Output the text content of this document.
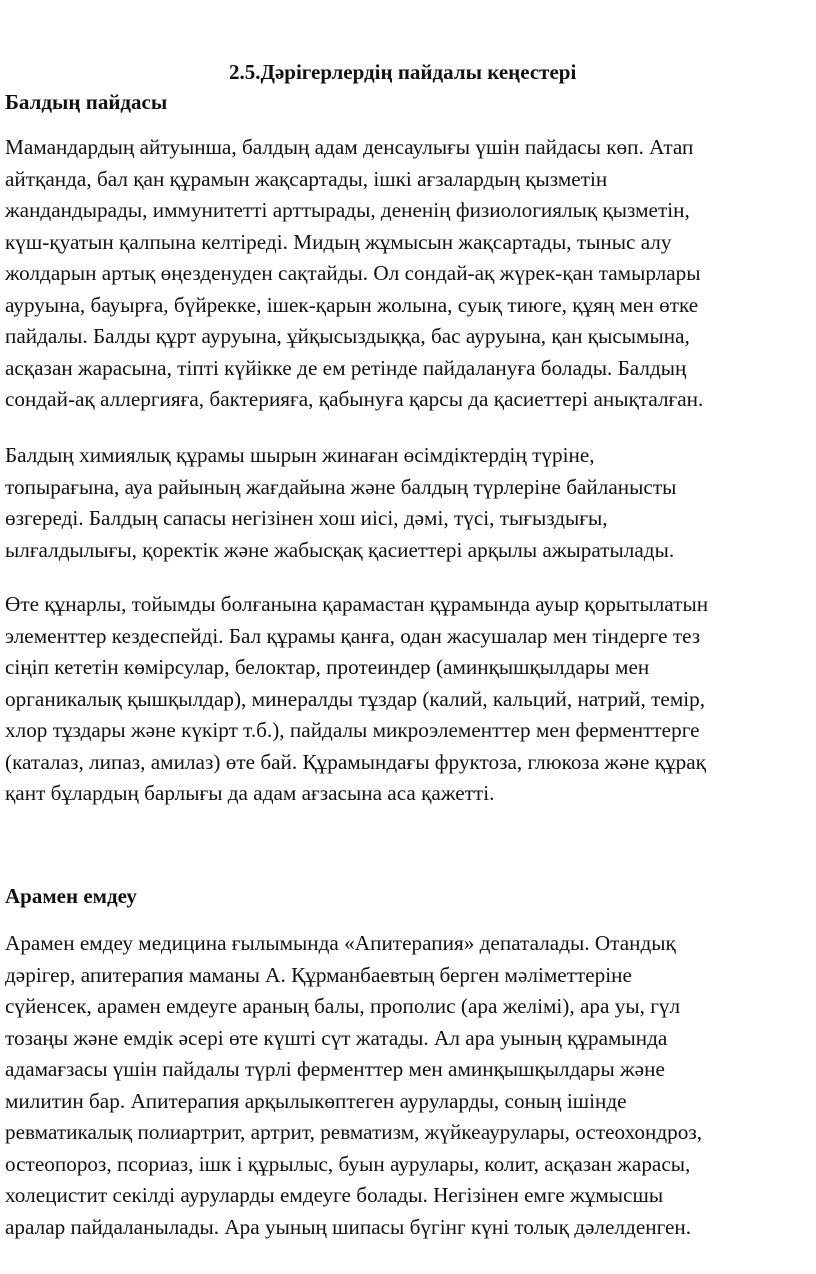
2.5.Дәрігерлердің пайдалы кеңестері
Балдың пайдасы
Мамандардың айтуынша, балдың адам денсаулығы үшін пайдасы көп. Атап
айтқанда, бал қан құрамын жақсартады, ішкі ағзалардың қызметін
жандандырады, иммунитетті арттырады, дененің физиологиялық қызметін,
күш-қуатын қалпына келтіреді. Мидың жұмысын жақсартады, тыныс алу
жолдарын артық өңезденуден сақтайды. Ол сондай-ақ жүрек-қан тамырлары
ауруына, бауырға, бүйрекке, ішек-қарын жолына, суық тиюге, құяң мен өтке
пайдалы. Балды құрт ауруына, ұйқысыздыққа, бас ауруына, қан қысымына,
асқазан жарасына, тіпті күйікке де ем ретінде пайдалануға болады. Балдың
сондай-ақ аллергияға, бактерияға, қабынуға қарсы да қасиеттері анықталған.
Балдың химиялық құрамы шырын жинаған өсімдіктердің түріне,
топырағына, ауа райының жағдайына және балдың түрлеріне байланысты
өзгереді. Балдың сапасы негізінен хош иісі, дәмі, түсі, тығыздығы,
ылғалдылығы, қоректік және жабысқақ қасиеттері арқылы ажыратылады.
Өте құнарлы, тойымды болғанына қарамастан құрамында ауыр қорытылатын
элементтер кездеспейді. Бал құрамы қанға, одан жасушалар мен тіндерге тез
сіңіп кететін көмірсулар, белоктар, протеиндер (аминқышқылдары мен
органикалық қышқылдар), минералды тұздар (калий, кальций, натрий, темір,
хлор тұздары және күкірт т.б.), пайдалы микроэлементтер мен ферменттерге
(каталаз, липаз, амилаз) өте бай. Құрамындағы фруктоза, глюкоза және құрақ
қант бұлардың барлығы да адам ағзасына аса қажетті.
Арамен емдеу
Арамен емдеу медицина ғылымында «Апитерапия» депаталады. Отандық
дәрігер, апитерапия маманы А. Құрманбаевтың берген мәліметтеріне
сүйенсек, арамен емдеуге араның балы, прополис (ара желімі), ара уы, гүл
тозаңы және емдік әсері өте күшті сүт жатады. Ал ара уының құрамында
адамағзасы үшін пайдалы түрлі ферменттер мен аминқышқылдары және
милитин бар. Апитерапия арқылыкөптеген ауруларды, соның ішінде
ревматикалық полиартрит, артрит, ревматизм, жүйкеаурулары, остеохондроз,
остеопороз, псориаз, ішк і құрылыс, буын аурулары, колит, асқазан жарасы,
холецистит секілді ауруларды емдеуге болады. Негізінен емге жұмысшы
аралар пайдаланылады. Ара уының шипасы бүгінг күні толық дәлелденген.
